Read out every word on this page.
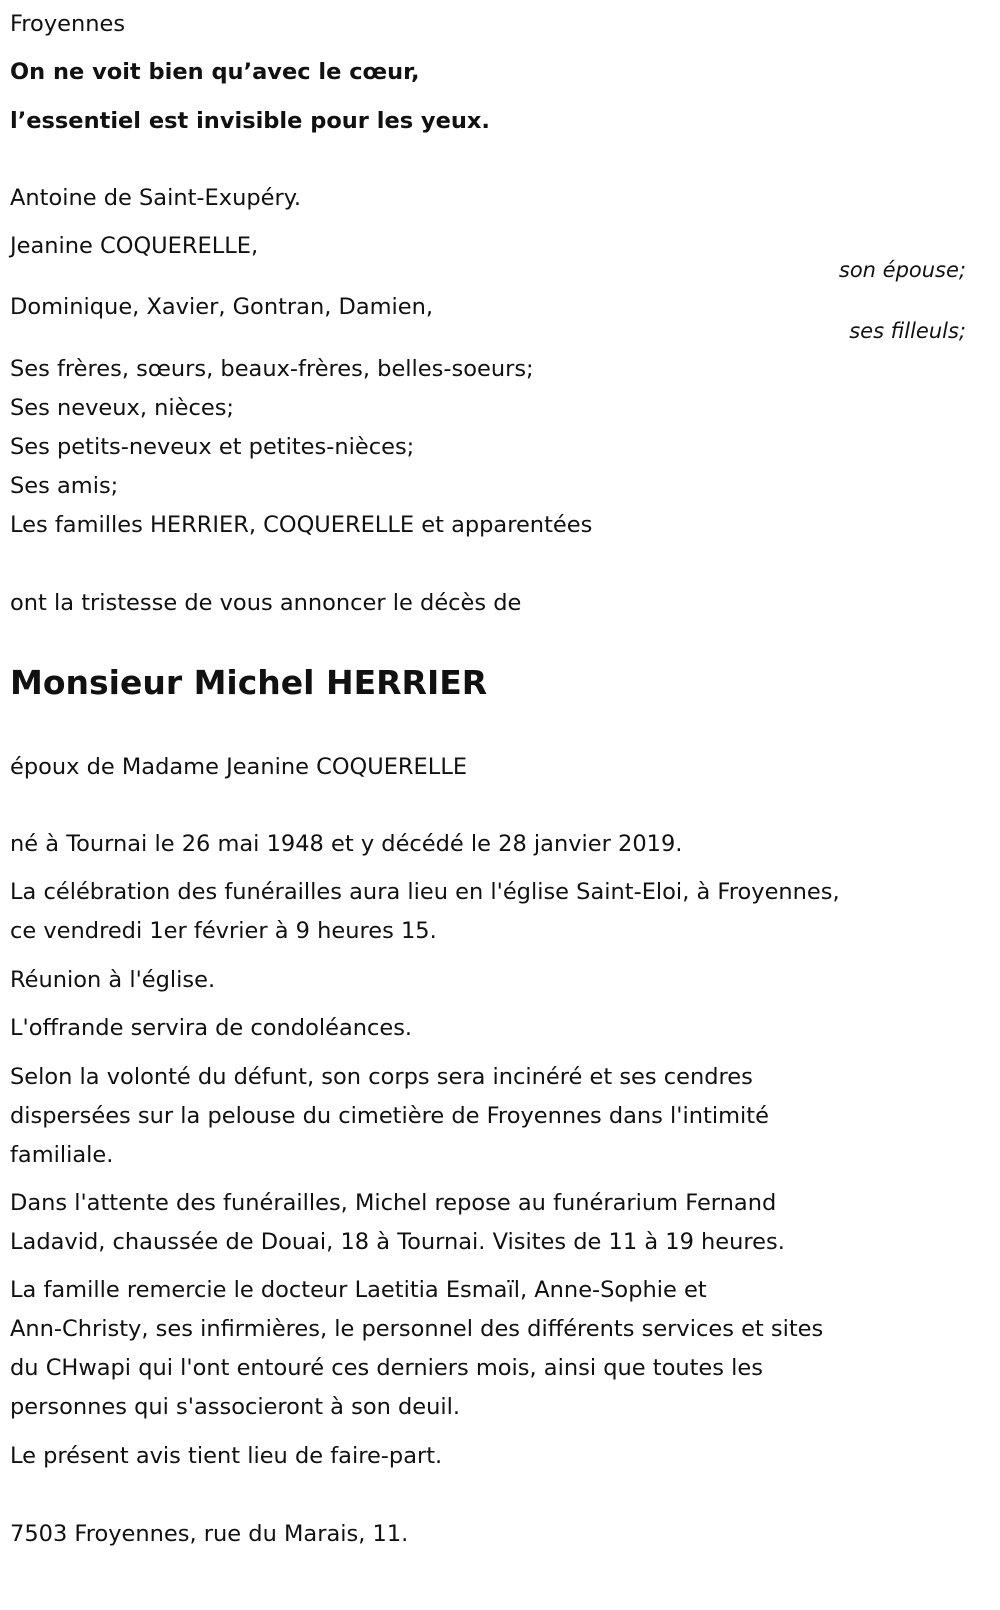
Froyennes
On ne voit bien qu’avec le cœur,
l’essentiel est invisible pour les yeux.
Antoine de Saint-Exupéry.
Jeanine COQUERELLE,
son épouse;
Dominique, Xavier, Gontran, Damien,
ses filleuls;
Ses frères, sœurs, beaux-frères, belles-soeurs;
Ses neveux, nièces;
Ses petits-neveux et petites-nièces;
Ses amis;
Les familles HERRIER, COQUERELLE et apparentées
ont la tristesse de vous annoncer le décès de
Monsieur Michel HERRIER
époux de Madame Jeanine COQUERELLE
né à Tournai le 26 mai 1948 et y décédé le 28 janvier 2019.
La célébration des funérailles aura lieu en l'église Saint-Eloi, à Froyennes,
ce vendredi 1er février à 9 heures 15.
Réunion à l'église.
L'offrande servira de condoléances.
Selon la volonté du défunt, son corps sera incinéré et ses cendres
dispersées sur la pelouse du cimetière de Froyennes dans l'intimité
familiale.
Dans l'attente des funérailles, Michel repose au funérarium Fernand
Ladavid, chaussée de Douai, 18 à Tournai. Visites de 11 à 19 heures.
La famille remercie le docteur Laetitia Esmaïl, Anne-Sophie et
Ann-Christy, ses infirmières, le personnel des différents services et sites
du CHwapi qui l'ont entouré ces derniers mois, ainsi que toutes les
personnes qui s'associeront à son deuil.
Le présent avis tient lieu de faire-part.
7503 Froyennes, rue du Marais, 11.
